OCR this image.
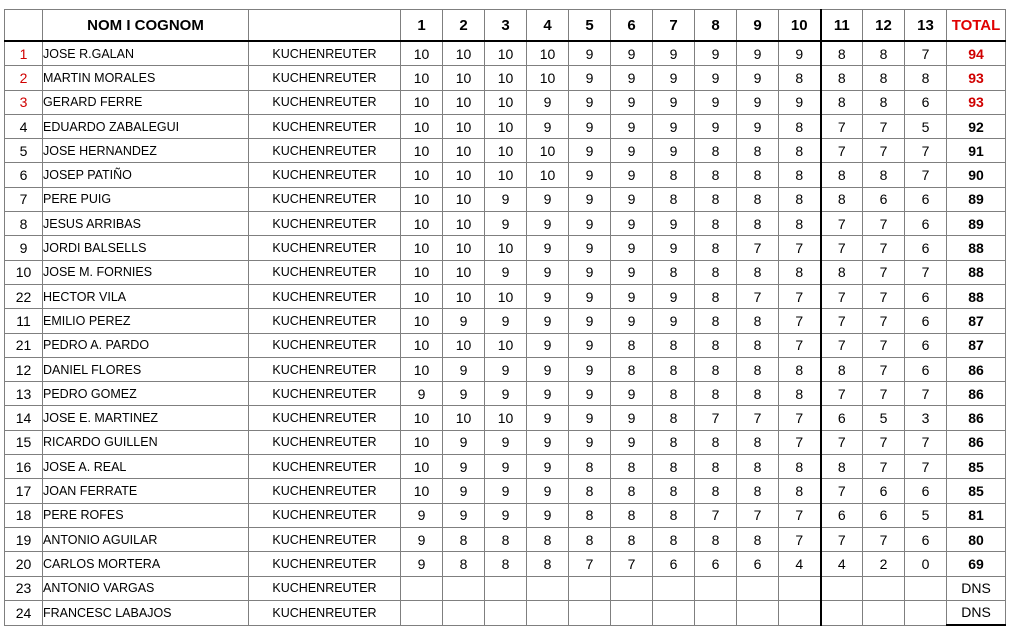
	NOM I COGNOM		1	2	3	4	5	6	7	8	9	10	11	12	13	TOTAL
1	JOSE R.GALAN	KUCHENREUTER	10	10	10	10	9	9	9	9	9	9	8	8	7	94
2	MARTIN MORALES	KUCHENREUTER	10	10	10	10	9	9	9	9	9	8	8	8	8	93
3	GERARD FERRE	KUCHENREUTER	10	10	10	9	9	9	9	9	9	9	8	8	6	93
4	EDUARDO ZABALEGUI	KUCHENREUTER	10	10	10	9	9	9	9	9	9	8	7	7	5	92
5	JOSE HERNANDEZ	KUCHENREUTER	10	10	10	10	9	9	9	8	8	8	7	7	7	91
6	JOSEP PATIÑO	KUCHENREUTER	10	10	10	10	9	9	8	8	8	8	8	8	7	90
7	PERE PUIG	KUCHENREUTER	10	10	9	9	9	9	8	8	8	8	8	6	6	89
8	JESUS ARRIBAS	KUCHENREUTER	10	10	9	9	9	9	9	8	8	8	7	7	6	89
9	JORDI BALSELLS	KUCHENREUTER	10	10	10	9	9	9	9	8	7	7	7	7	6	88
10	JOSE M. FORNIES	KUCHENREUTER	10	10	9	9	9	9	8	8	8	8	8	7	7	88
22	HECTOR VILA	KUCHENREUTER	10	10	10	9	9	9	9	8	7	7	7	7	6	88
11	EMILIO PEREZ	KUCHENREUTER	10	9	9	9	9	9	9	8	8	7	7	7	6	87
21	PEDRO A. PARDO	KUCHENREUTER	10	10	10	9	9	8	8	8	8	7	7	7	6	87
12	DANIEL FLORES	KUCHENREUTER	10	9	9	9	9	8	8	8	8	8	8	7	6	86
13	PEDRO GOMEZ	KUCHENREUTER	9	9	9	9	9	9	8	8	8	8	7	7	7	86
14	JOSE E. MARTINEZ	KUCHENREUTER	10	10	10	9	9	9	8	7	7	7	6	5	3	86
15	RICARDO GUILLEN	KUCHENREUTER	10	9	9	9	9	9	8	8	8	7	7	7	7	86
16	JOSE A. REAL	KUCHENREUTER	10	9	9	9	8	8	8	8	8	8	8	7	7	85
17	JOAN FERRATE	KUCHENREUTER	10	9	9	9	8	8	8	8	8	8	7	6	6	85
18	PERE ROFES	KUCHENREUTER	9	9	9	9	8	8	8	7	7	7	6	6	5	81
19	ANTONIO AGUILAR	KUCHENREUTER	9	8	8	8	8	8	8	8	8	7	7	7	6	80
20	CARLOS MORTERA	KUCHENREUTER	9	8	8	8	7	7	6	6	6	4	4	2	0	69
23	ANTONIO VARGAS	KUCHENREUTER														DNS
24	FRANCESC LABAJOS	KUCHENREUTER														DNS
